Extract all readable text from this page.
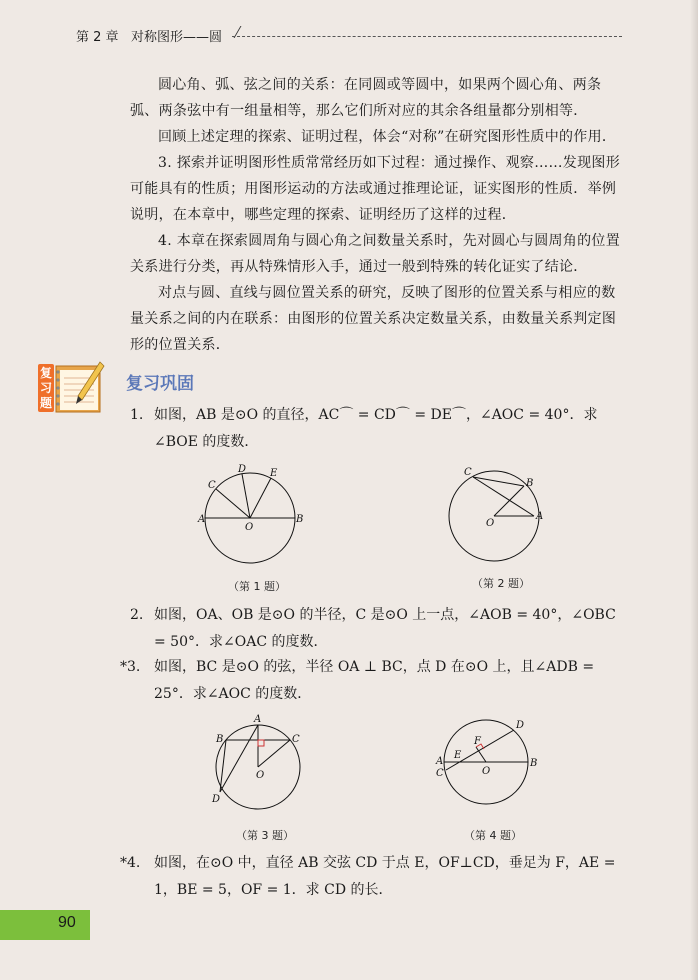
第 2 章 对称图形——圆
圆心角、弧、弦之间的关系：在同圆或等圆中，如果两个圆心角、两条弧、两条弦中有一组量相等，那么它们所对应的其余各组量都分别相等．
回顾上述定理的探索、证明过程，体会“对称”在研究图形性质中的作用．
3. 探索并证明图形性质常常经历如下过程：通过操作、观察……发现图形可能具有的性质；用图形运动的方法或通过推理论证，证实图形的性质．举例说明，在本章中，哪些定理的探索、证明经历了这样的过程．
4. 本章在探索圆周角与圆心角之间数量关系时，先对圆心与圆周角的位置关系进行分类，再从特殊情形入手，通过一般到特殊的转化证实了结论．
对点与圆、直线与圆位置关系的研究，反映了图形的位置关系与相应的数量关系之间的内在联系：由图形的位置关系决定数量关系，由数量关系判定图形的位置关系．
复习题
复习巩固
1. 如图，AB 是⊙O 的直径，AC⌒ = CD⌒ = DE⌒，∠AOC = 40°．求∠BOE 的度数．
A	B
C
D E
O
（第 1 题）
C
B
A
O
（第 2 题）
2. 如图，OA、OB 是⊙O 的半径，C 是⊙O 上一点，∠AOB = 40°，∠OBC = 50°．求∠OAC 的度数．
*3. 如图，BC 是⊙O 的弦，半径 OA ⊥ BC，点 D 在⊙O 上，且∠ADB = 25°．求∠AOC 的度数．
A
B	C
D
O
（第 3 题）
D
F
E
A
C
B
O
（第 4 题）
*4. 如图，在⊙O 中，直径 AB 交弦 CD 于点 E，OF⊥CD，垂足为 F，AE = 1，BE = 5，OF = 1．求 CD 的长．
90
